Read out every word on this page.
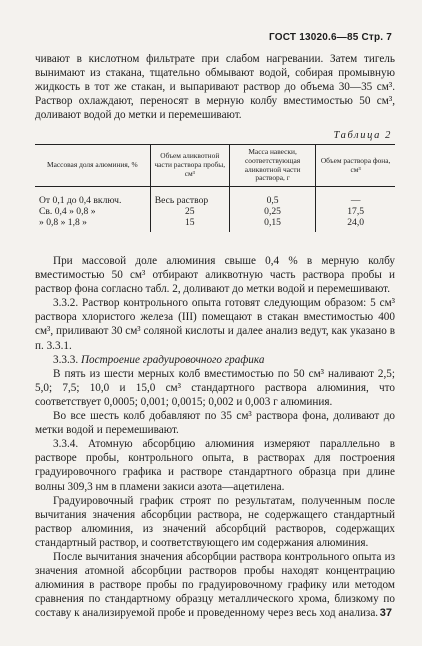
ГОСТ 13020.6—85 Стр. 7

чивают в кислотном фильтрате при слабом нагревании. Затем тигель вынимают из стакана, тщательно обмывают водой, собирая промывную жидкость в тот же стакан, и выпаривают раствор до объема 30—35 см³. Раствор охлаждают, переносят в мерную колбу вместимостью 50 см³, доливают водой до метки и перемешивают.

Таблица 2
Массовая доля алюминия, %	Объем аликвотной части раствора пробы, см³	Масса навески, соответствующая аликвотной части раствора, г	Объем раствора фона, см³
От 0,1 до 0,4 включ.	Весь раствор	0,5	—
Св. 0,4 » 0,8 »	25	0,25	17,5
» 0,8 » 1,8 »	15	0,15	24,0

При массовой доле алюминия свыше 0,4 % в мерную колбу вместимостью 50 см³ отбирают аликвотную часть раствора пробы и раствор фона согласно табл. 2, доливают до метки водой и перемешивают.

3.3.2. Раствор контрольного опыта готовят следующим образом: 5 см³ раствора хлористого железа (III) помещают в стакан вместимостью 400 см³, приливают 30 см³ соляной кислоты и далее анализ ведут, как указано в п. 3.3.1.

3.3.3. Построение градуировочного графика

В пять из шести мерных колб вместимостью по 50 см³ наливают 2,5; 5,0; 7,5; 10,0 и 15,0 см³ стандартного раствора алюминия, что соответствует 0,0005; 0,001; 0,0015; 0,002 и 0,003 г алюминия.

Во все шесть колб добавляют по 35 см³ раствора фона, доливают до метки водой и перемешивают.

3.3.4. Атомную абсорбцию алюминия измеряют параллельно в растворе пробы, контрольного опыта, в растворах для построения градуировочного графика и растворе стандартного образца при длине волны 309,3 нм в пламени закиси азота—ацетилена.

Градуировочный график строят по результатам, полученным после вычитания значения абсорбции раствора, не содержащего стандартный раствор алюминия, из значений абсорбций растворов, содержащих стандартный раствор, и соответствующего им содержания алюминия.

После вычитания значения абсорбции раствора контрольного опыта из значения атомной абсорбции растворов пробы находят концентрацию алюминия в растворе пробы по градуировочному графику или методом сравнения по стандартному образцу металлического хрома, близкому по составу к анализируемой пробе и проведенному через весь ход анализа. 37
